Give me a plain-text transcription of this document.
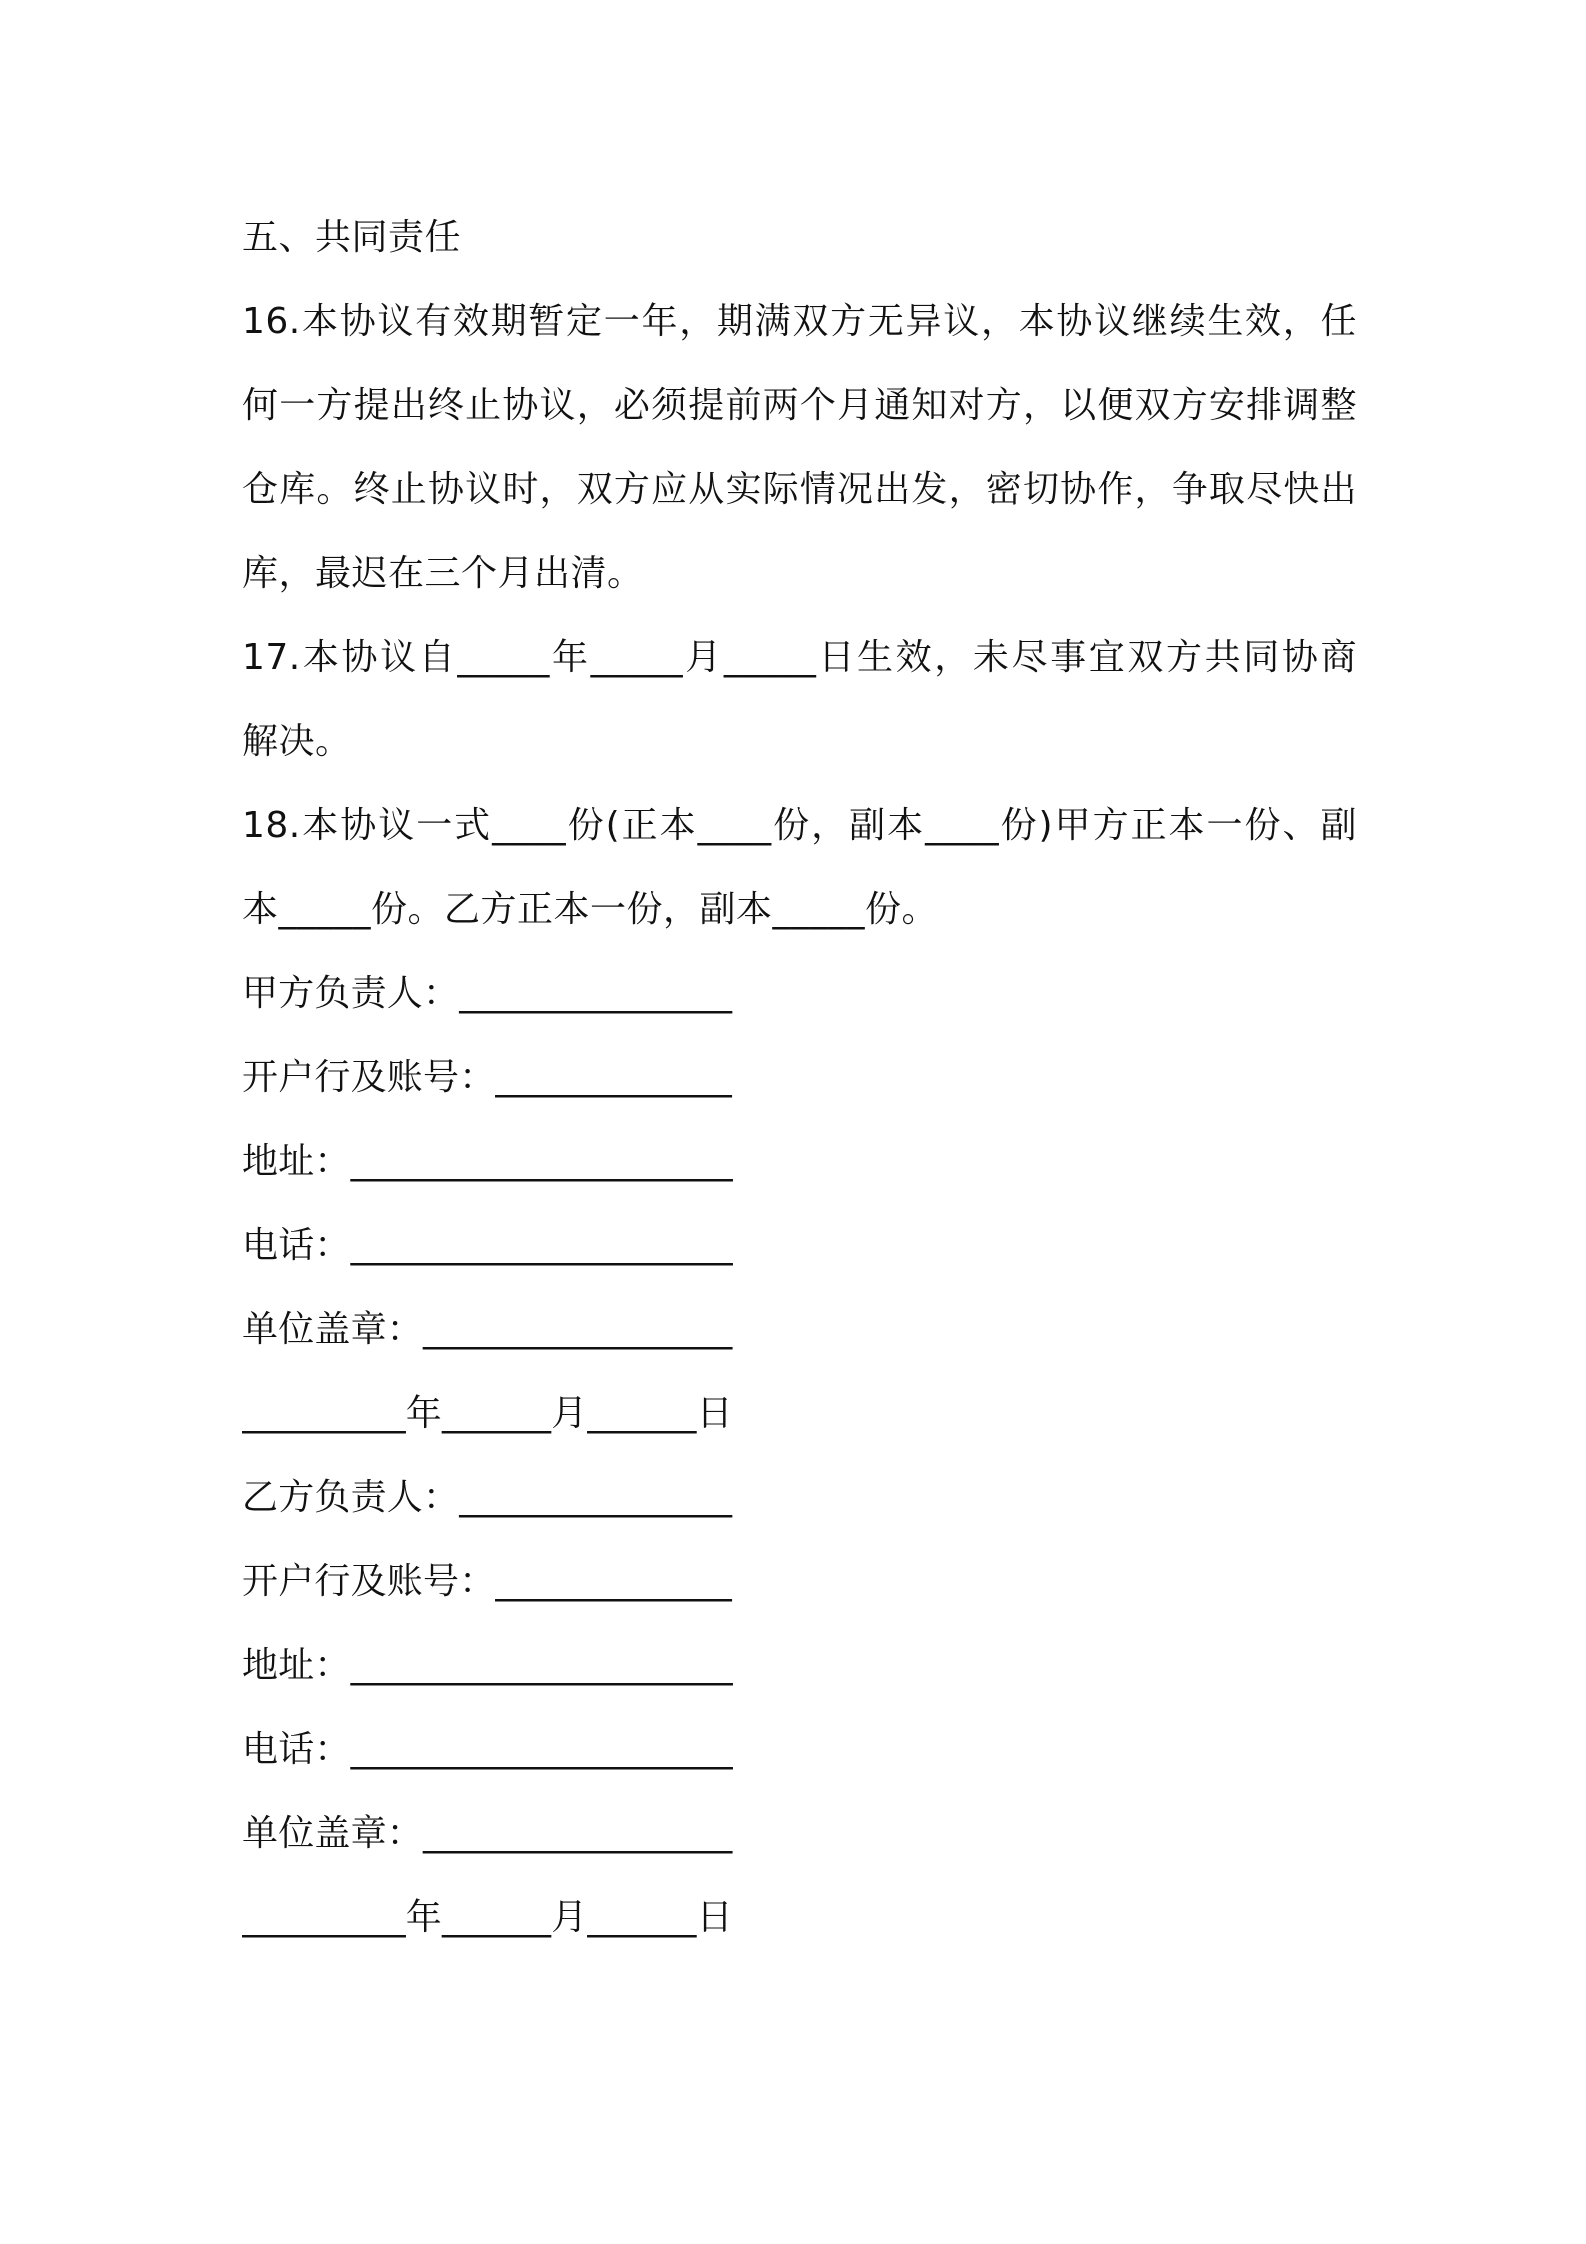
五、共同责任
16.本协议有效期暂定一年，期满双方无异议，本协议继续生效，任
何一方提出终止协议，必须提前两个月通知对方，以便双方安排调整
仓库。终止协议时，双方应从实际情况出发，密切协作，争取尽快出
库，最迟在三个月出清。
17.本协议自_____年_____月_____日生效，未尽事宜双方共同协商
解决。
18.本协议一式____份(正本____份，副本____份)甲方正本一份、副
本_____份。乙方正本一份，副本_____份。
甲方负责人：_______________
开户行及账号：_____________
地址：_____________________
电话：_____________________
单位盖章：_________________
_________年______月______日
乙方负责人：_______________
开户行及账号：_____________
地址：_____________________
电话：_____________________
单位盖章：_________________
_________年______月______日
